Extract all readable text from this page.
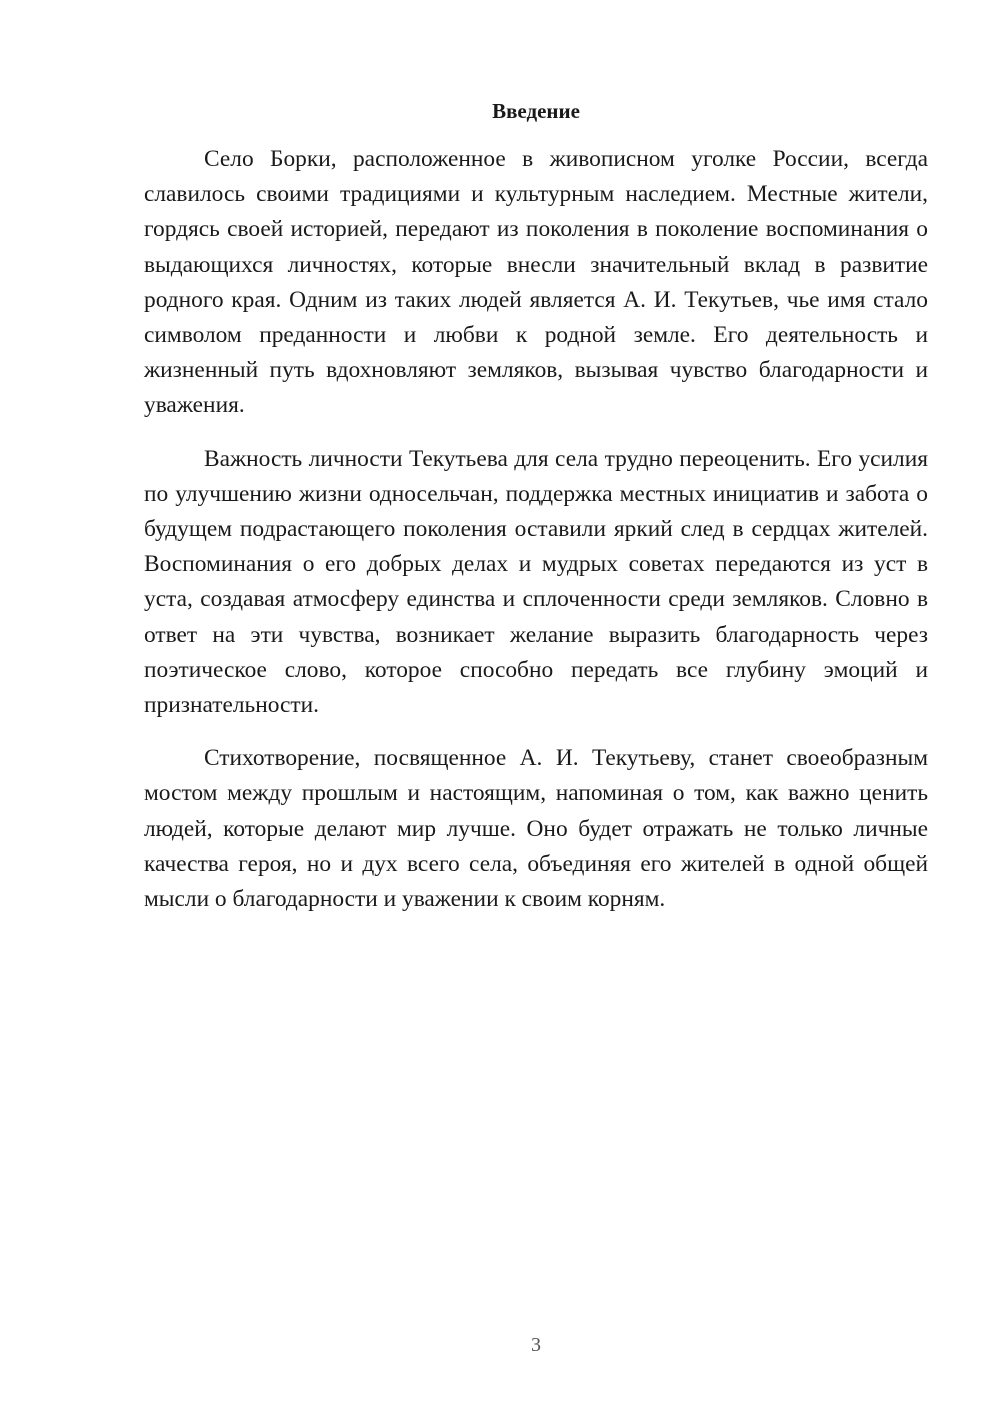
Введение

Село Борки, расположенное в живописном уголке России, всегда славилось своими традициями и культурным наследием. Местные жители, гордясь своей историей, передают из поколения в поколение воспоминания о выдающихся личностях, которые внесли значительный вклад в развитие родного края. Одним из таких людей является А. И. Текутьев, чье имя стало символом преданности и любви к родной земле. Его деятельность и жизненный путь вдохновляют земляков, вызывая чувство благодарности и уважения.

Важность личности Текутьева для села трудно переоценить. Его усилия по улучшению жизни односельчан, поддержка местных инициатив и забота о будущем подрастающего поколения оставили яркий след в сердцах жителей. Воспоминания о его добрых делах и мудрых советах передаются из уст в уста, создавая атмосферу единства и сплоченности среди земляков. Словно в ответ на эти чувства, возникает желание выразить благодарность через поэтическое слово, которое способно передать все глубину эмоций и признательности.

Стихотворение, посвященное А. И. Текутьеву, станет своеобразным мостом между прошлым и настоящим, напоминая о том, как важно ценить людей, которые делают мир лучше. Оно будет отражать не только личные качества героя, но и дух всего села, объединяя его жителей в одной общей мысли о благодарности и уважении к своим корням.

3
